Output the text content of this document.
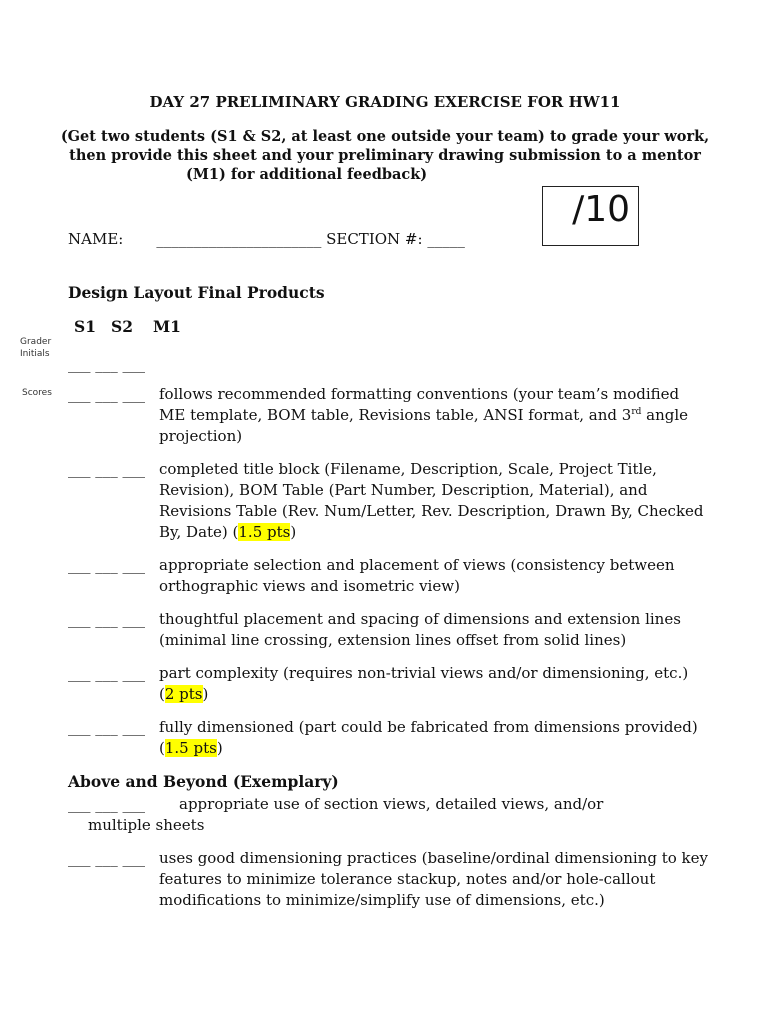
DAY 27 PRELIMINARY GRADING EXERCISE FOR HW11
(Get two students (S1 & S2, at least one outside your team) to grade your work,
then provide this sheet and your preliminary drawing submission to a mentor
(M1) for additional feedback)
/10
NAME: ______________________ SECTION #: _____
Design Layout Final Products
S1 S2 M1
Grader Initials
Scores
___ ___ ___
___ ___ ___ follows recommended formatting conventions (your team’s modified ME template, BOM table, Revisions table, ANSI format, and 3rd angle projection)
___ ___ ___ completed title block (Filename, Description, Scale, Project Title, Revision), BOM Table (Part Number, Description, Material), and Revisions Table (Rev. Num/Letter, Rev. Description, Drawn By, Checked By, Date) (1.5 pts)
___ ___ ___ appropriate selection and placement of views (consistency between orthographic views and isometric view)
___ ___ ___ thoughtful placement and spacing of dimensions and extension lines (minimal line crossing, extension lines offset from solid lines)
___ ___ ___ part complexity (requires non-trivial views and/or dimensioning, etc.) (2 pts)
___ ___ ___ fully dimensioned (part could be fabricated from dimensions provided) (1.5 pts)
Above and Beyond (Exemplary)
___ ___ ___	appropriate use of section views, detailed views, and/or multiple sheets
___ ___ ___ uses good dimensioning practices (baseline/ordinal dimensioning to key features to minimize tolerance stackup, notes and/or hole-callout modifications to minimize/simplify use of dimensions, etc.)
